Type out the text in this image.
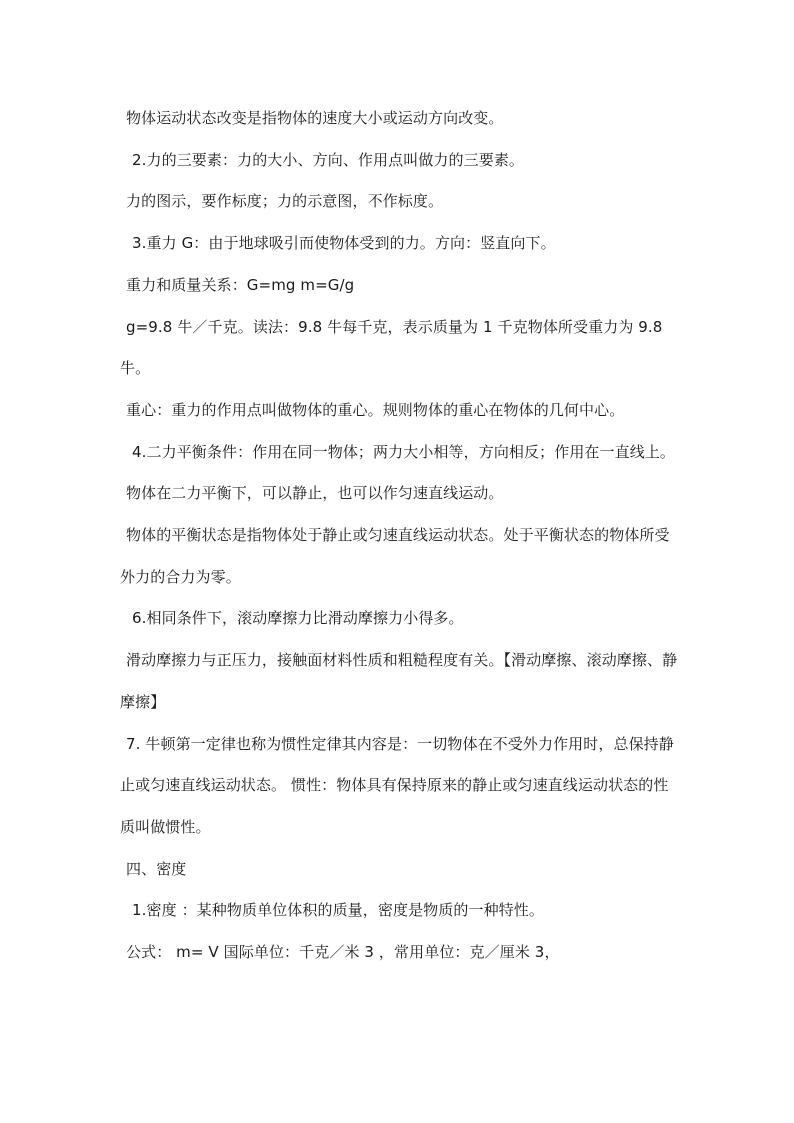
物体运动状态改变是指物体的速度大小或运动方向改变。

2.力的三要素：力的大小、方向、作用点叫做力的三要素。

力的图示，要作标度；力的示意图，不作标度。

3.重力 G：由于地球吸引而使物体受到的力。方向：竖直向下。

重力和质量关系：G=mg m=G/g

g=9.8 牛／千克。读法：9.8 牛每千克，表示质量为 1 千克物体所受重力为 9.8 牛。

重心：重力的作用点叫做物体的重心。规则物体的重心在物体的几何中心。

4.二力平衡条件：作用在同一物体；两力大小相等，方向相反；作用在一直线上。

物体在二力平衡下，可以静止，也可以作匀速直线运动。

物体的平衡状态是指物体处于静止或匀速直线运动状态。处于平衡状态的物体所受外力的合力为零。

6.相同条件下，滚动摩擦力比滑动摩擦力小得多。

滑动摩擦力与正压力，接触面材料性质和粗糙程度有关。【滑动摩擦、滚动摩擦、静摩擦】

7. 牛顿第一定律也称为惯性定律其内容是：一切物体在不受外力作用时，总保持静止或匀速直线运动状态。 惯性：物体具有保持原来的静止或匀速直线运动状态的性质叫做惯性。

四、密度

1.密度 ：某种物质单位体积的质量，密度是物质的一种特性。

公式： m= V 国际单位：千克／米 3 ，常用单位：克／厘米 3，
